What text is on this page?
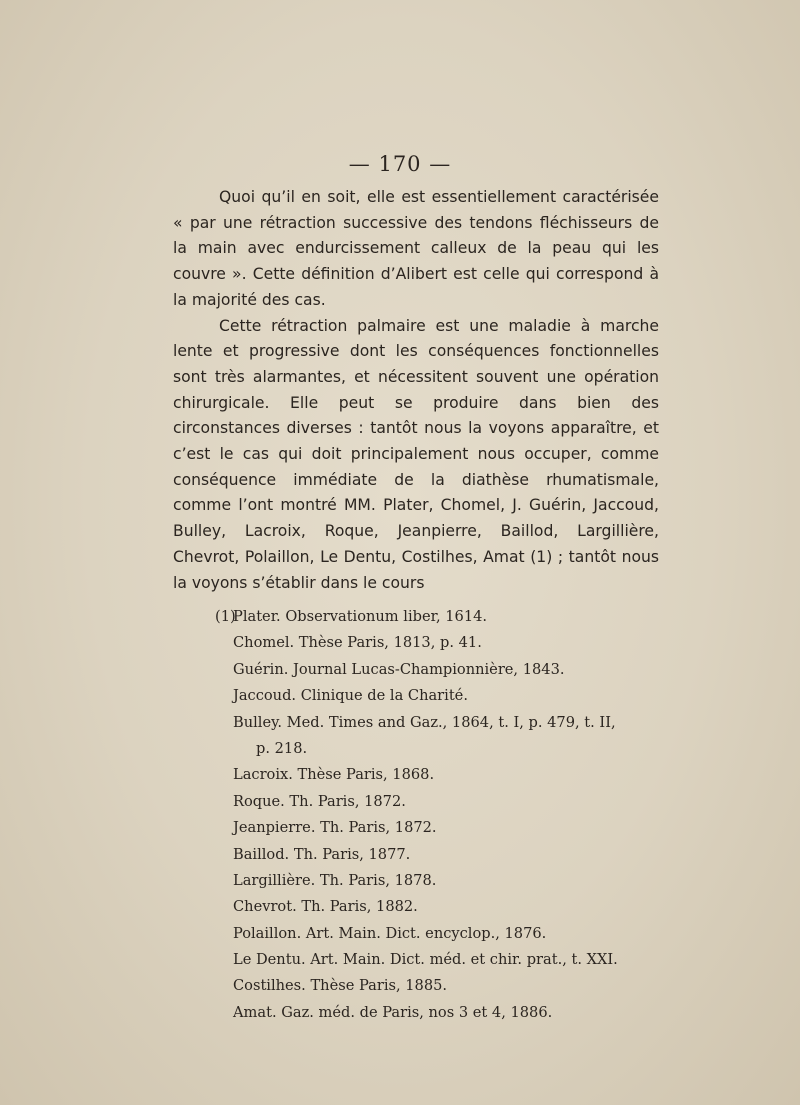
— 170 —

Quoi qu’il en soit, elle est essentiellement caractérisée « par une rétraction successive des tendons fléchisseurs de la main avec endurcissement calleux de la peau qui les couvre ». Cette définition d’Alibert est celle qui correspond à la majorité des cas.

Cette rétraction palmaire est une maladie à marche lente et progressive dont les conséquences fonctionnelles sont très alarmantes, et nécessitent souvent une opération chirurgicale. Elle peut se produire dans bien des circonstances diverses : tantôt nous la voyons apparaître, et c’est le cas qui doit principalement nous occuper, comme conséquence immédiate de la diathèse rhumatismale, comme l’ont montré MM. Plater, Chomel, J. Guérin, Jaccoud, Bulley, Lacroix, Roque, Jeanpierre, Baillod, Largillière, Chevrot, Polaillon, Le Dentu, Costilhes, Amat (1) ; tantôt nous la voyons s’établir dans le cours

(1)
Plater. Observationum liber, 1614.
Chomel. Thèse Paris, 1813, p. 41.
Guérin. Journal Lucas-Championnière, 1843.
Jaccoud. Clinique de la Charité.
Bulley. Med. Times and Gaz., 1864, t. I, p. 479, t. II,
p. 218.
Lacroix. Thèse Paris, 1868.
Roque. Th. Paris, 1872.
Jeanpierre. Th. Paris, 1872.
Baillod. Th. Paris, 1877.
Largillière. Th. Paris, 1878.
Chevrot. Th. Paris, 1882.
Polaillon. Art. Main. Dict. encyclop., 1876.
Le Dentu. Art. Main. Dict. méd. et chir. prat., t. XXI.
Costilhes. Thèse Paris, 1885.
Amat. Gaz. méd. de Paris, nos 3 et 4, 1886.
